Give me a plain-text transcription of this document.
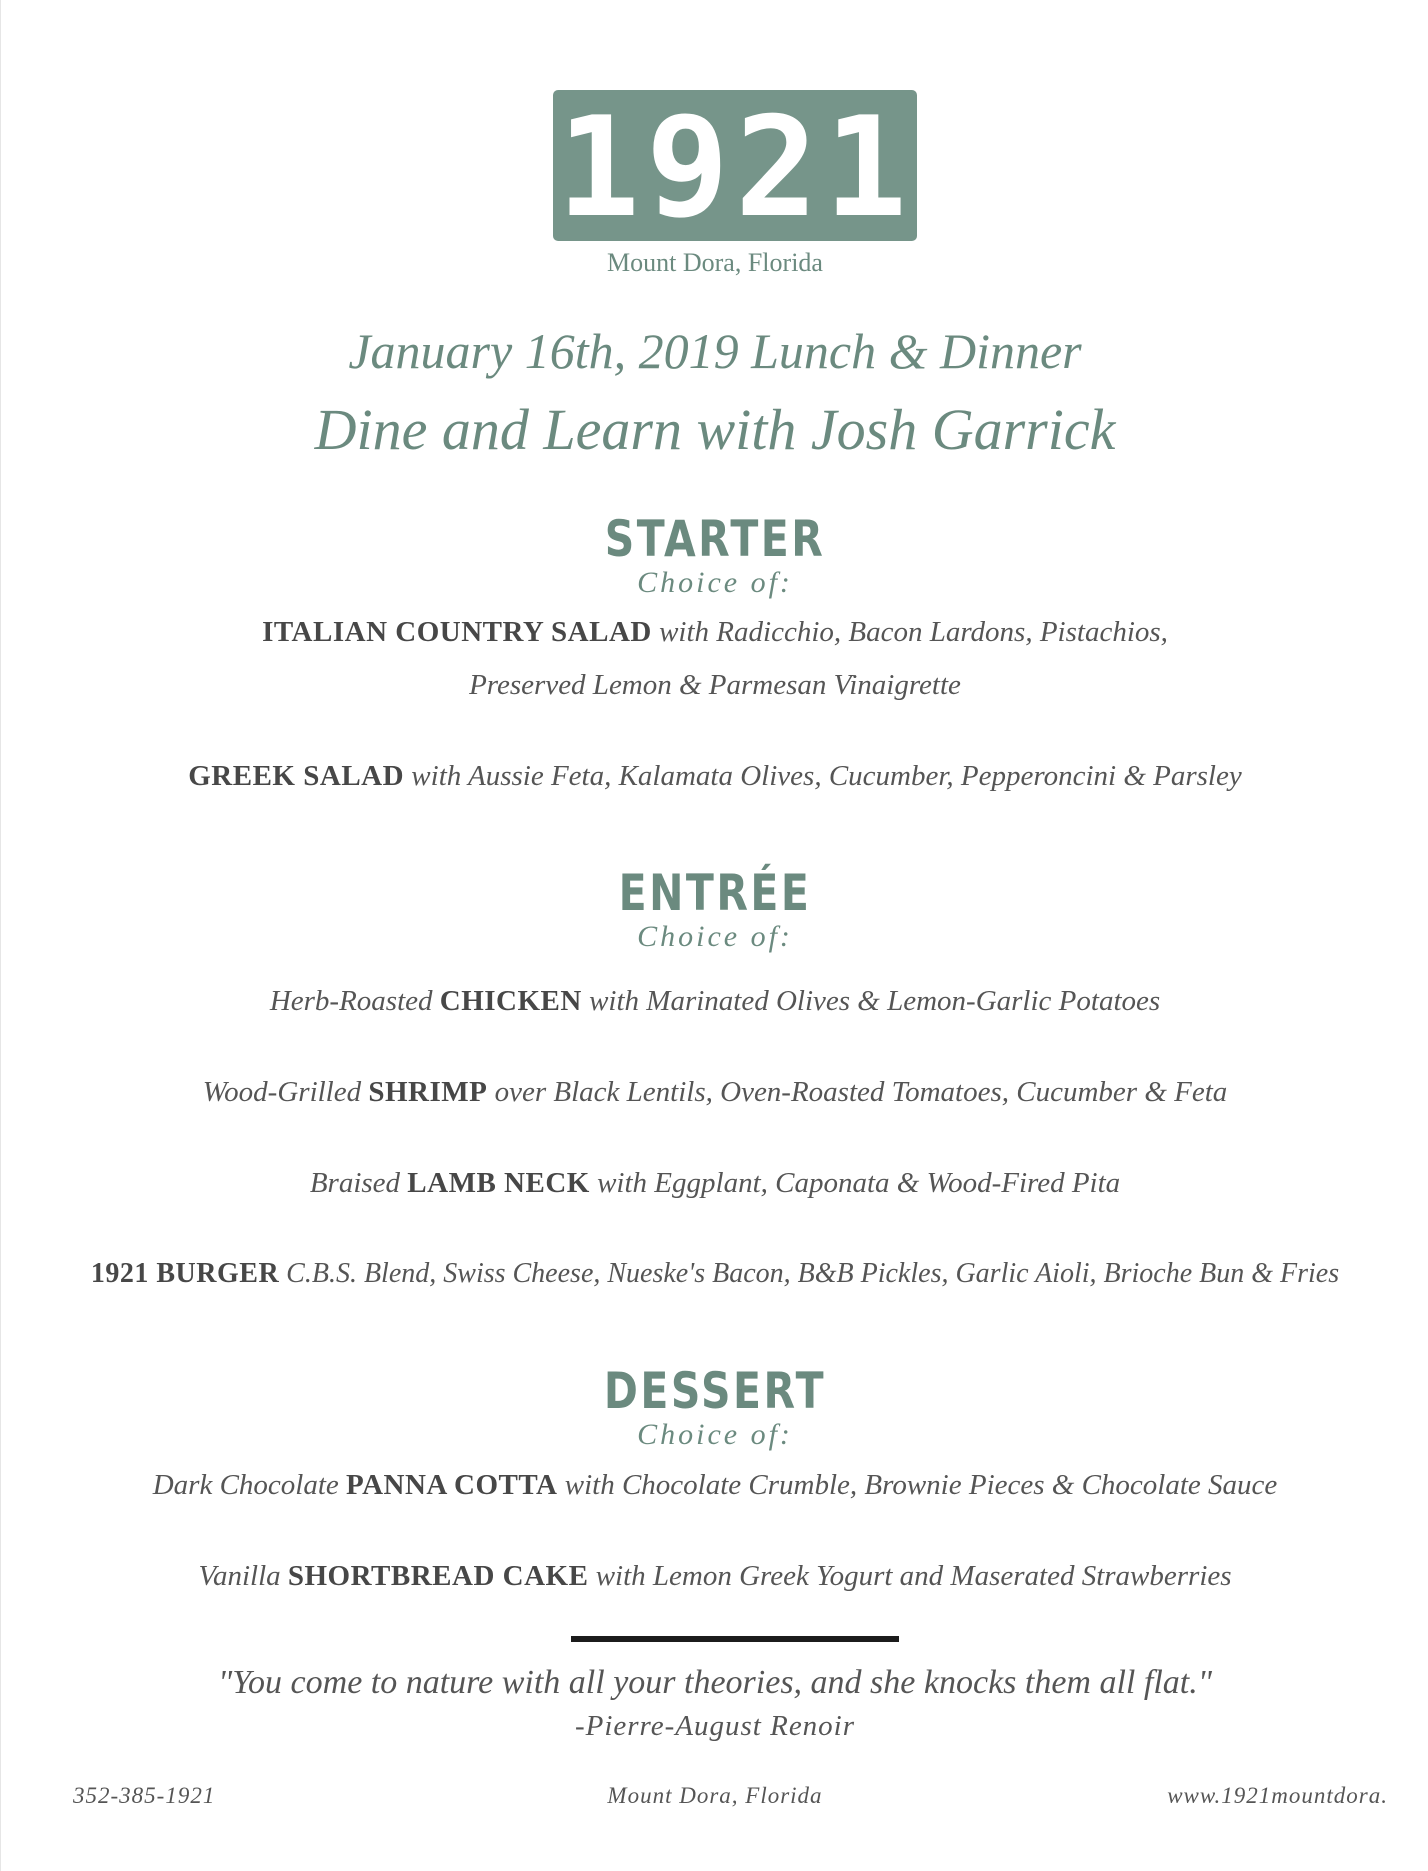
1921
Mount Dora, Florida
January 16th, 2019 Lunch & Dinner
Dine and Learn with Josh Garrick
STARTER
Choice of:
ITALIAN COUNTRY SALAD with Radicchio, Bacon Lardons, Pistachios,
Preserved Lemon & Parmesan Vinaigrette
GREEK SALAD with Aussie Feta, Kalamata Olives, Cucumber, Pepperoncini & Parsley
ENTRÉE
Choice of:
Herb-Roasted CHICKEN with Marinated Olives & Lemon-Garlic Potatoes
Wood-Grilled SHRIMP over Black Lentils, Oven-Roasted Tomatoes, Cucumber & Feta
Braised LAMB NECK with Eggplant, Caponata & Wood-Fired Pita
1921 BURGER C.B.S. Blend, Swiss Cheese, Nueske's Bacon, B&B Pickles, Garlic Aioli, Brioche Bun & Fries
DESSERT
Choice of:
Dark Chocolate PANNA COTTA with Chocolate Crumble, Brownie Pieces & Chocolate Sauce
Vanilla SHORTBREAD CAKE with Lemon Greek Yogurt and Maserated Strawberries
"You come to nature with all your theories, and she knocks them all flat."
-Pierre-August Renoir
352-385-1921	Mount Dora, Florida	www.1921mountdora.
